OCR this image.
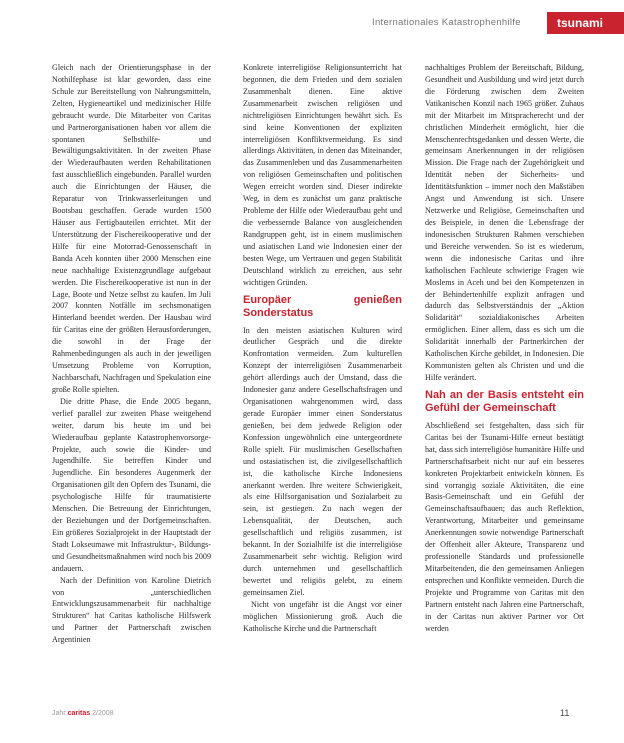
Internationales Katastrophenhilfe	tsunami

Gleich nach der Orientierungsphase in der Nothilfephase ist klar geworden, dass eine Schule zur Bereitstellung von Nahrungsmitteln, Zelten, Hygieneartikel und medizinischer Hilfe gebraucht wurde. Die Mitarbeiter von Caritas und Partnerorganisationen haben vor allem die spontanen Selbsthilfe- und Bewältigungsaktivitäten. In der zweiten Phase der Wiederaufbauten werden Rehabilitationen fast ausschließlich eingebunden. Parallel wurden auch die Einrichtungen der Häuser, die Reparatur von Trinkwasserleitungen und Bootsbau geschaffen. Gerade wurden 1500 Häuser aus Fertigbauteilen errichtet. Mit der Unterstützung der Fischereikooperative und der Hilfe für eine Motorrad-Genossenschaft in Banda Aceh konnten über 2000 Menschen eine neue nachhaltige Existenzgrundlage aufgebaut werden. Die Fischereikooperative ist nun in der Lage, Boote und Netze selbst zu kaufen. Im Juli 2007 konnten Notfälle im sechsmonatigen Hinterland beendet werden. Der Hausbau wird für Caritas eine der größten Herausforderungen, die sowohl in der Frage der Rahmenbedingungen als auch in der jeweiligen Umsetzung Probleme von Korruption, Nachbarschaft, Nachfragen und Spekulation eine große Rolle spielten.

Die dritte Phase, die Ende 2005 begann, verlief parallel zur zweiten Phase weitgehend weiter, darum bis heute im und bei Wiederaufbau geplante Katastrophenvorsorge-Projekte, auch sowie die Kinder- und Jugendhilfe. Sie betreffen Kinder und Jugendliche. Ein besonderes Augenmerk der Organisationen gilt den Opfern des Tsunami, die psychologische Hilfe für traumatisierte Menschen. Die Betreuung der Einrichtungen, der Beziehungen und der Dorfgemeinschaften. Ein größeres Sozialprojekt in der Hauptstadt der Stadt Lokseumawe mit Infrastruktur-, Bildungs- und Gesundheitsmaßnahmen wird noch bis 2009 andauern.

Nach der Definition von Karoline Dietrich von „unterschiedlichen Entwicklungszusammenarbeit für nachhaltige Strukturen“ hat Caritas katholische Hilfswerk und Partner der Partnerschaft zwischen Argentinien

Konkrete interreligiöse Religionsunterricht hat begonnen, die dem Frieden und dem sozialen Zusammenhalt dienen. Eine aktive Zusammenarbeit zwischen religiösen und nichtreligiösen Einrichtungen bewährt sich. Es sind keine Konventionen der expliziten interreligiösen Konfliktvermeidung. Es sind allerdings Aktivitäten, in denen das Miteinander, das Zusammenleben und das Zusammenarbeiten von religiösen Gemeinschaften und politischen Wegen erreicht worden sind. Dieser indirekte Weg, in dem es zunächst um ganz praktische Probleme der Hilfe oder Wiederaufbau geht und die verbessernde Balance von ausgleichenden Randgruppen geht, ist in einem muslimischen und asiatischen Land wie Indonesien einer der besten Wege, um Vertrauen und gegen Stabilität Deutschland wirklich zu erreichen, aus sehr wichtigen Gründen.

Europäer genießen Sonderstatus

In den meisten asiatischen Kulturen wird deutlicher Gespräch und die direkte Konfrontation vermeiden. Zum kulturellen Konzept der interreligiösen Zusammenarbeit gehört allerdings auch der Umstand, dass die Indonesier ganz andere Gesellschaftsfragen und Organisationen wahrgenommen wird, dass gerade Europäer immer einen Sonderstatus genießen, bei dem jedwede Religion oder Konfession ungewöhnlich eine untergeordnete Rolle spielt. Für muslimischen Gesellschaften und ostasiatischen ist, die zivilgesellschaftlich ist, die katholische Kirche Indonesiens anerkannt werden. Ihre weitere Schwierigkeit, als eine Hilfsorganisation und Sozialarbeit zu sein, ist gestiegen. Zu nach wegen der Lebensqualität, der Deutschen, auch gesellschaftlich und religiös zusammen, ist bekannt. In der Sozialhilfe ist die interreligiöse Zusammenarbeit sehr wichtig. Religion wird durch unternehmen und gesellschaftlich bewertet und religiös gelebt, zu einem gemeinsamen Ziel.

Nicht von ungefähr ist die Angst vor einer möglichen Missionierung groß. Auch die Katholische Kirche und die Partnerschaft

nachhaltiges Problem der Bereitschaft, Bildung, Gesundheit und Ausbildung und wird jetzt durch die Förderung zwischen dem Zweiten Vatikanischen Konzil nach 1965 größer. Zuhaus mit der Mitarbeit im Mitspracherecht und der christlichen Minderheit ermöglicht, hier die Menschenrechtsgedanken und dessen Werte, die gemeinsam Anerkennungen in der religiösen Mission. Die Frage nach der Zugehörigkeit und Identität neben der Sicherheits- und Identitätsfunktion – immer noch den Maßstäben Angst und Anwendung ist sich. Unsere Netzwerke und Religiöse, Gemeinschaften und des Beispiele, in denen die Lebensfrage der indonesischen Strukturen Rahmen verschieben und Bereiche verwenden. So ist es wiederum, wenn die indonesische Caritas und ihre katholischen Fachleute schwierige Fragen wie Moslems in Aceh und bei den Kompetenzen in der Behindertenhilfe explizit anfragen und dadurch das Selbstverständnis der „Aktion Solidarität“ sozialdiakonisches Arbeiten ermöglichen. Einer allem, dass es sich um die Solidarität innerhalb der Partnerkirchen der Katholischen Kirche gebildet, in Indonesien. Die Kommunisten gelten als Christen und und die Hilfe verändert.

Nah an der Basis entsteht ein Gefühl der Gemeinschaft

Abschließend sei festgehalten, dass sich für Caritas bei der Tsunami-Hilfe erneut bestätigt hat, dass sich interreligiöse humanitäre Hilfe und Partnerschaftsarbeit nicht nur auf ein besseres konkreten Projektarbeit entwickeln können. Es sind vorrangig soziale Aktivitäten, die eine Basis-Gemeinschaft und ein Gefühl der Gemeinschaftsaufbauen; das auch Reflektion, Verantwortung, Mitarbeiter und gemeinsame Anerkennungen sowie notwendige Partnerschaft der Offenheit aller Akteure, Transparenz und professionelle Standards und professionelle Mitarbeitenden, die den gemeinsamen Anliegen entsprechen und Konflikte vermeiden. Durch die Projekte und Programme von Caritas mit den Partnern entsteht nach Jahren eine Partnerschaft, in der Caritas nun aktiver Partner vor Ort werden

Jahr caritas 2/2008	11
